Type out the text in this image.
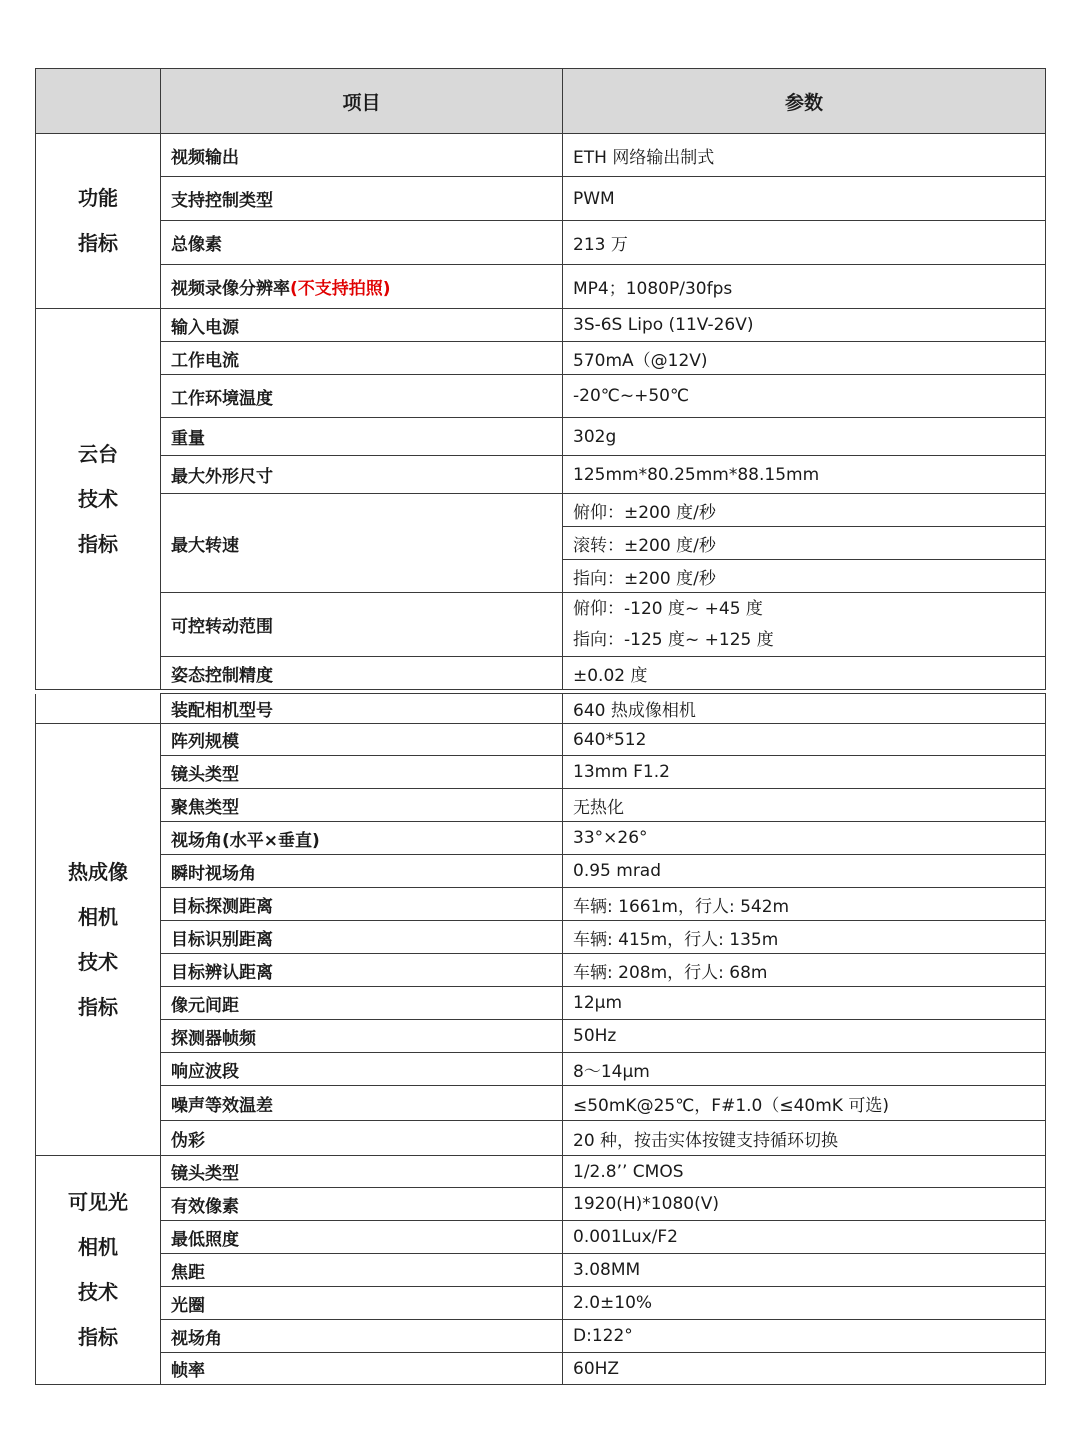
	项目	参数

功能
指标	视频输出	ETH 网络输出制式
	支持控制类型	PWM
	总像素	213 万
	视频录像分辨率(不支持拍照)	MP4；1080P/30fps

云台
技术
指标	输入电源	3S-6S Lipo (11V-26V)
	工作电流	570mA（@12V)
	工作环境温度	-20℃~+50℃
	重量	302g
	最大外形尺寸	125mm*80.25mm*88.15mm
	最大转速	俯仰：±200 度/秒
		滚转：±200 度/秒
		指向：±200 度/秒
	可控转动范围	俯仰：-120 度~ +45 度
指向：-125 度~ +125 度

	姿态控制精度	±0.02 度

	装配相机型号	640 热成像相机

热成像
相机
技术
指标	阵列规模	640*512
	镜头类型	13mm F1.2
	聚焦类型	无热化
	视场角(水平×垂直)	33°×26°
	瞬时视场角	0.95 mrad
	目标探测距离	车辆: 1661m，行人: 542m
	目标识别距离	车辆: 415m，行人: 135m
	目标辨认距离	车辆: 208m，行人: 68m
	像元间距	12μm
	探测器帧频	50Hz
	响应波段	8～14μm
	噪声等效温差	≤50mK@25℃，F#1.0（≤40mK 可选)
	伪彩	20 种，按击实体按键支持循环切换

可见光
相机
技术
指标	镜头类型	1/2.8’’ CMOS
	有效像素	1920(H)*1080(V)
	最低照度	0.001Lux/F2
	焦距	3.08MM
	光圈	2.0±10%
	视场角	D:122°
	帧率	60HZ
